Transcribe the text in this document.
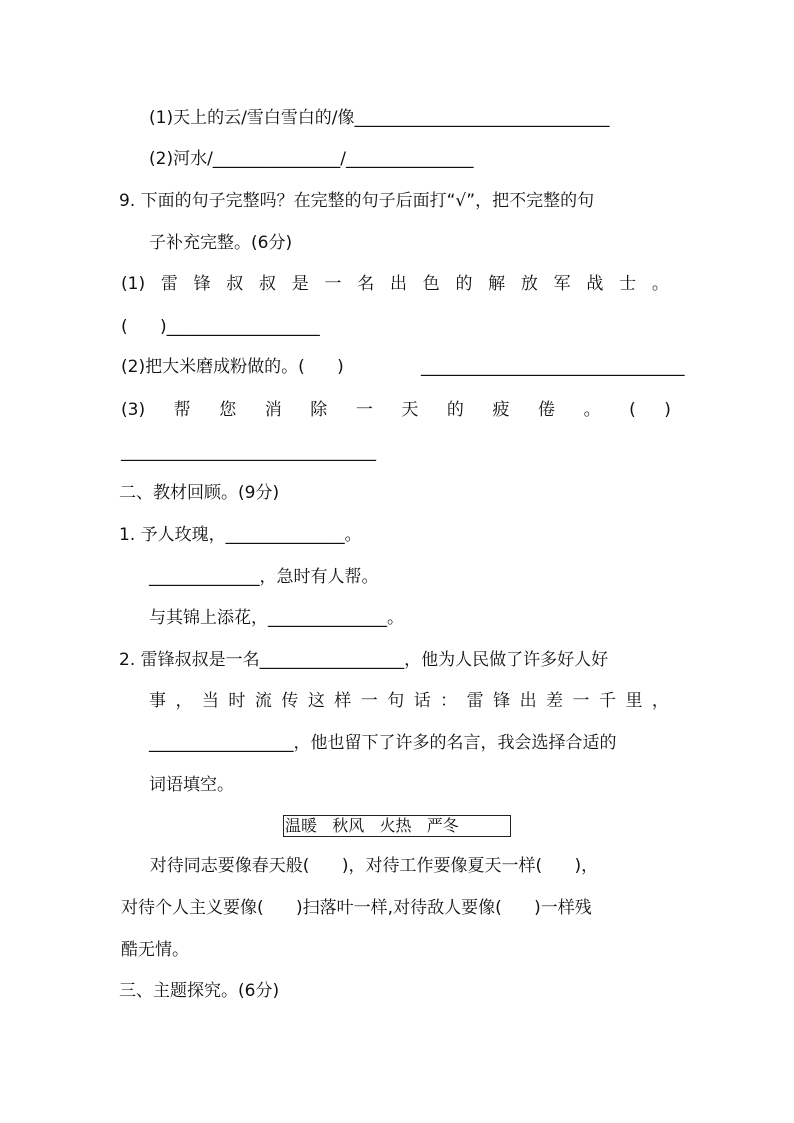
(1)天上的云/雪白雪白的/像______________________________
(2)河水/_______________/_______________
9. 下面的句子完整吗？在完整的句子后面打“√”，把不完整的句
子补充完整。(6分)
(1) 雷 锋 叔 叔 是 一 名 出 色 的 解 放 军 战 士 。
(      )__________________
(2)把大米磨成粉做的。(      )	_______________________________
(3) 帮 您 消 除 一 天 的 疲 倦 。 ( )
______________________________
二、教材回顾。(9分)
1. 予人玫瑰，______________。
_____________，急时有人帮。
与其锦上添花，______________。
2. 雷锋叔叔是一名_________________，他为人民做了许多好人好
事 ， 当 时 流 传 这 样 一 句 话 ： 雷 锋 出 差 一 千 里 ，
_________________，他也留下了许多的名言，我会选择合适的
词语填空。
温暖   秋风   火热   严冬
对待同志要像春天般(      )，对待工作要像夏天一样(      )，
对待个人主义要像(      )扫落叶一样,对待敌人要像(      )一样残
酷无情。
三、主题探究。(6分)
